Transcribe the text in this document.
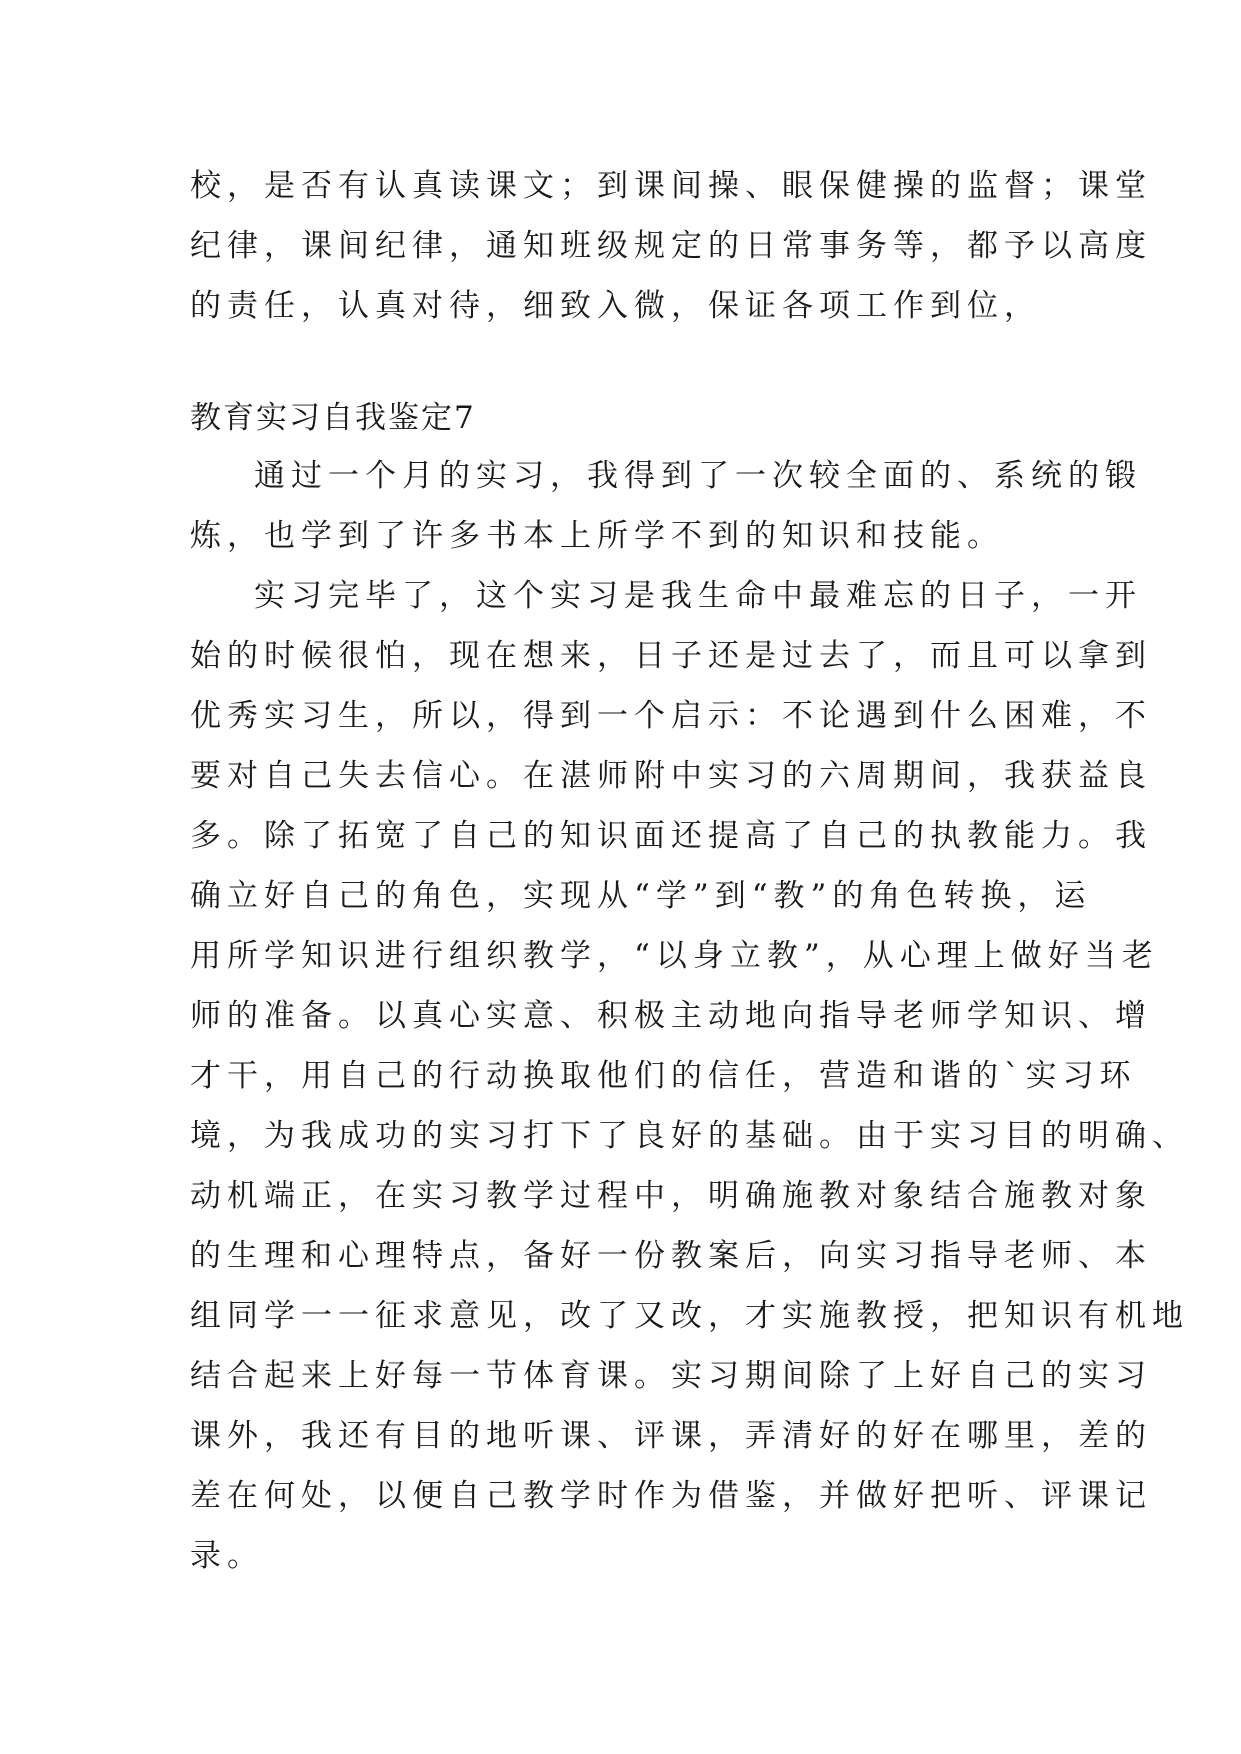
校，是否有认真读课文；到课间操、眼保健操的监督；课堂
纪律，课间纪律，通知班级规定的日常事务等，都予以高度
的责任，认真对待，细致入微，保证各项工作到位，
教育实习自我鉴定7
通过一个月的实习，我得到了一次较全面的、系统的锻
炼，也学到了许多书本上所学不到的知识和技能。
实习完毕了，这个实习是我生命中最难忘的日子，一开
始的时候很怕，现在想来，日子还是过去了，而且可以拿到
优秀实习生，所以，得到一个启示：不论遇到什么困难，不
要对自己失去信心。在湛师附中实习的六周期间，我获益良
多。除了拓宽了自己的知识面还提高了自己的执教能力。我
确立好自己的角色，实现从“学”到“教”的角色转换，运
用所学知识进行组织教学，“以身立教”，从心理上做好当老
师的准备。以真心实意、积极主动地向指导老师学知识、增
才干，用自己的行动换取他们的信任，营造和谐的`实习环
境，为我成功的实习打下了良好的基础。由于实习目的明确、
动机端正，在实习教学过程中，明确施教对象结合施教对象
的生理和心理特点，备好一份教案后，向实习指导老师、本
组同学一一征求意见，改了又改，才实施教授，把知识有机地
结合起来上好每一节体育课。实习期间除了上好自己的实习
课外，我还有目的地听课、评课，弄清好的好在哪里，差的
差在何处，以便自己教学时作为借鉴，并做好把听、评课记
录。
